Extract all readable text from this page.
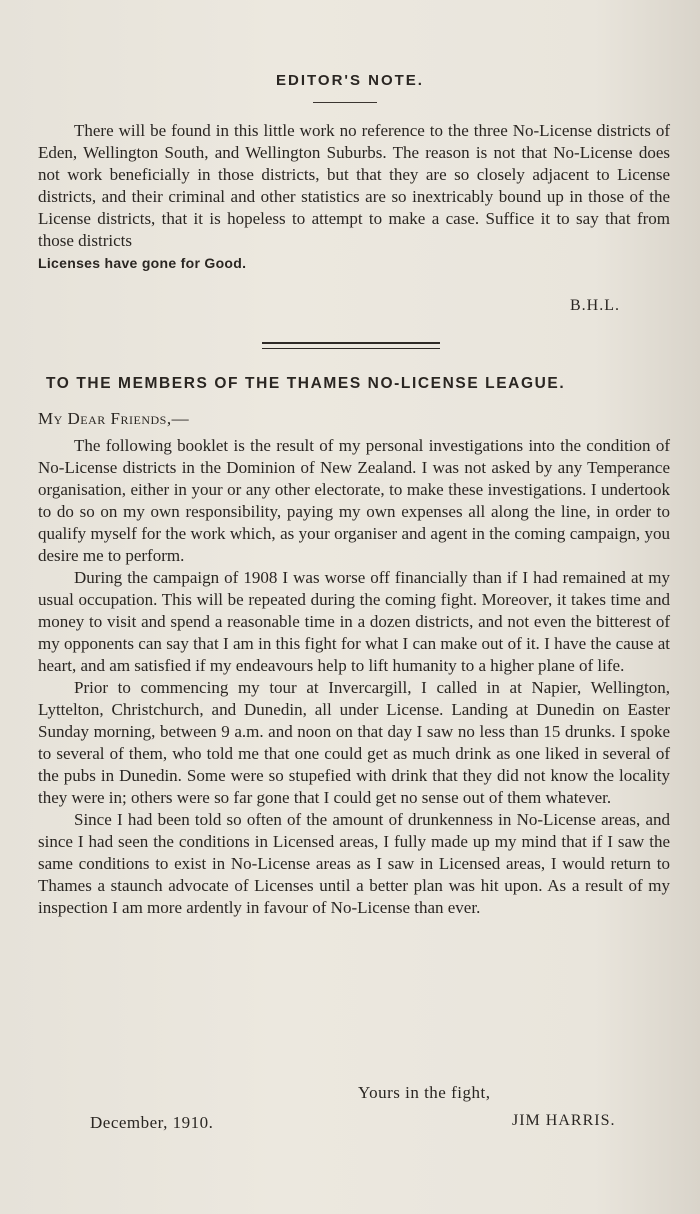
EDITOR'S NOTE.

There will be found in this little work no reference to the three No-License districts of Eden, Wellington South, and Wellington Suburbs. The reason is not that No-License does not work beneficially in those districts, but that they are so closely adjacent to License districts, and their criminal and other statistics are so inextricably bound up in those of the License districts, that it is hopeless to attempt to make a case. Suffice it to say that from those districts
Licenses have gone for Good.

B.H.L.
TO THE MEMBERS OF THE THAMES NO-LICENSE LEAGUE.
My Dear Friends,—

The following booklet is the result of my personal investigations into the condition of No-License districts in the Dominion of New Zealand. I was not asked by any Temperance organisation, either in your or any other electorate, to make these investigations. I undertook to do so on my own responsibility, paying my own expenses all along the line, in order to qualify myself for the work which, as your organiser and agent in the coming campaign, you desire me to perform.

During the campaign of 1908 I was worse off financially than if I had remained at my usual occupation. This will be repeated during the coming fight. Moreover, it takes time and money to visit and spend a reasonable time in a dozen districts, and not even the bitterest of my opponents can say that I am in this fight for what I can make out of it. I have the cause at heart, and am satisfied if my endeavours help to lift humanity to a higher plane of life.

Prior to commencing my tour at Invercargill, I called in at Napier, Wellington, Lyttelton, Christchurch, and Dunedin, all under License. Landing at Dunedin on Easter Sunday morning, between 9 a.m. and noon on that day I saw no less than 15 drunks. I spoke to several of them, who told me that one could get as much drink as one liked in several of the pubs in Dunedin. Some were so stupefied with drink that they did not know the locality they were in; others were so far gone that I could get no sense out of them whatever.

Since I had been told so often of the amount of drunkenness in No-License areas, and since I had seen the conditions in Licensed areas, I fully made up my mind that if I saw the same conditions to exist in No-License areas as I saw in Licensed areas, I would return to Thames a staunch advocate of Licenses until a better plan was hit upon. As a result of my inspection I am more ardently in favour of No-License than ever.

Yours in the fight,
December, 1910.	JIM HARRIS.
